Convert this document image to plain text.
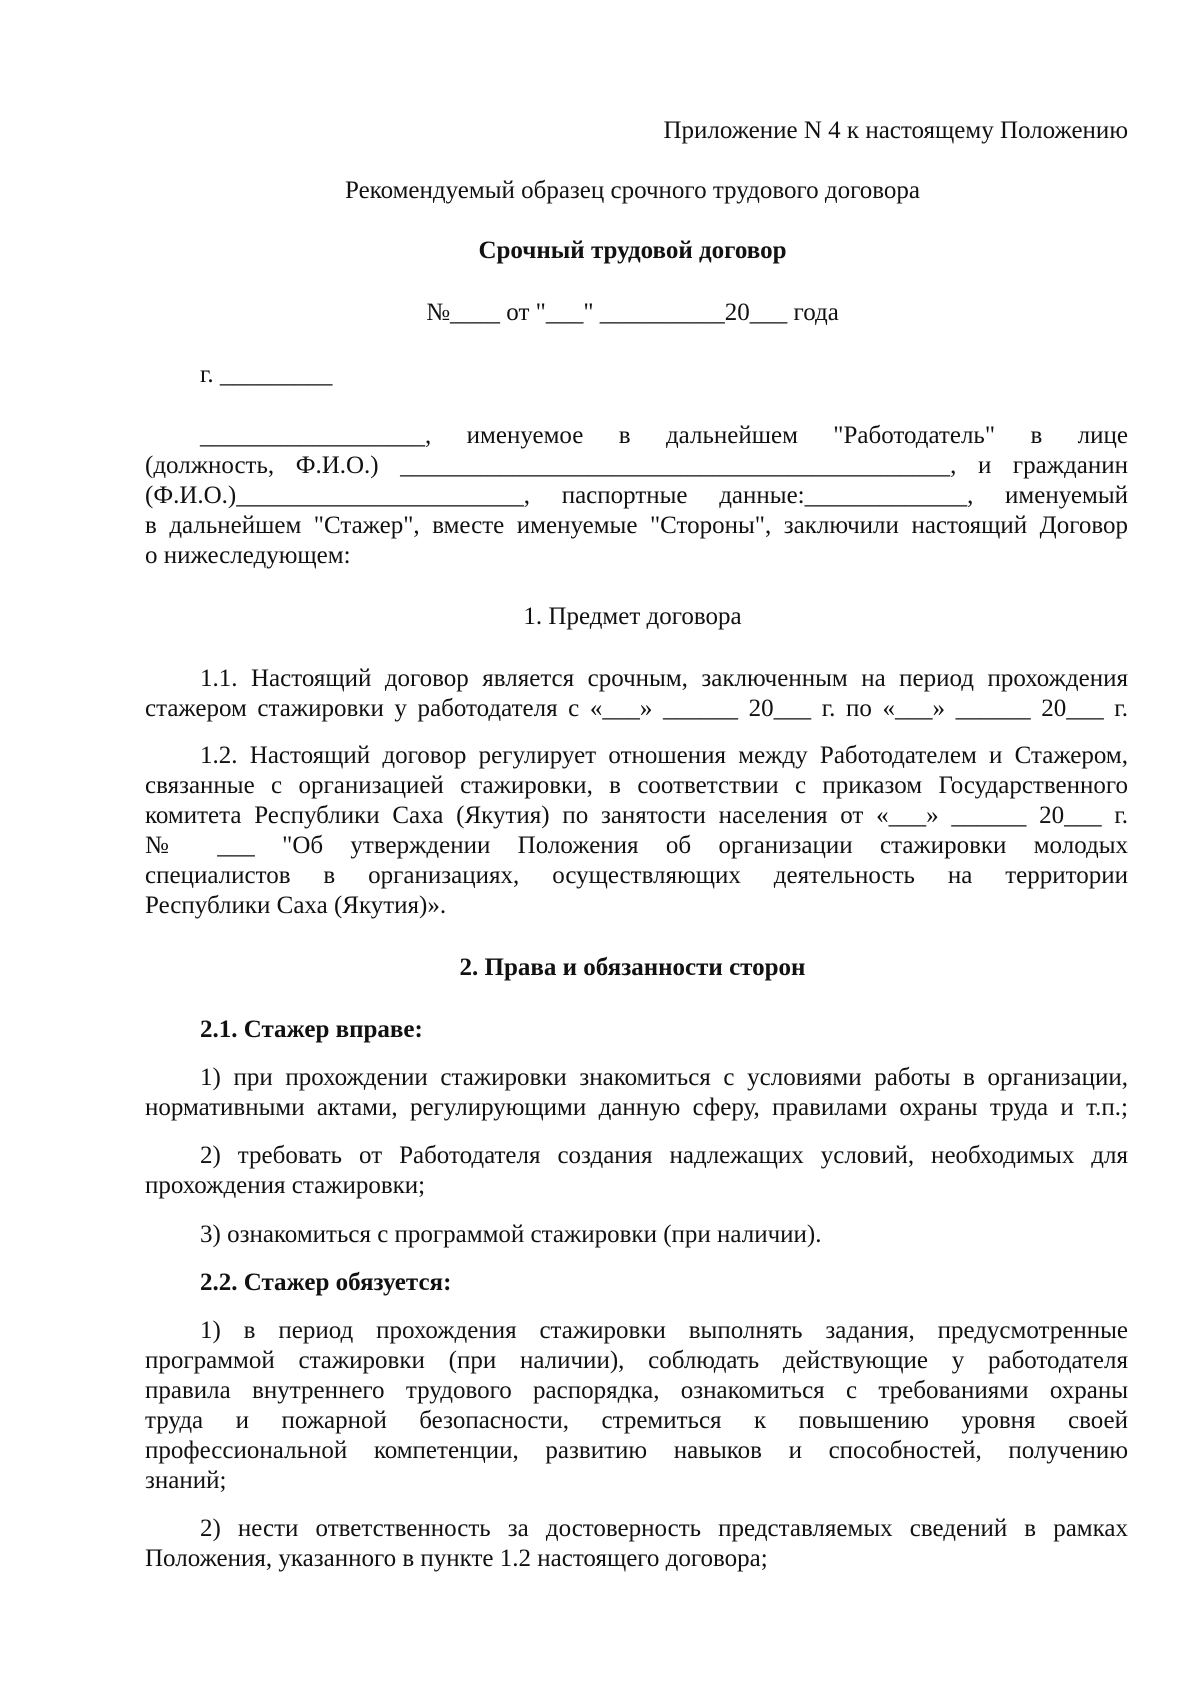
Приложение N 4 к настоящему Положению
Рекомендуемый образец срочного трудового договора
Срочный трудовой договор
№____ от "___" __________20___ года
г. _________
__________________, именуемое в дальнейшем "Работодатель" в лице
(должность, Ф.И.О.) ____________________________________________, и гражданин
(Ф.И.О.)_______________________, паспортные данные:_____________, именуемый
в дальнейшем "Стажер", вместе именуемые "Стороны", заключили настоящий Договор
о нижеследующем:
1. Предмет договора
1.1. Настоящий договор является срочным, заключенным на период прохождения
стажером стажировки у работодателя с «___» ______ 20___ г. по «___» ______ 20___ г.
1.2. Настоящий договор регулирует отношения между Работодателем и Стажером,
связанные с организацией стажировки, в соответствии с приказом Государственного
комитета Республики Саха (Якутия) по занятости населения от «___» ______ 20___ г.
№ ___ "Об утверждении Положения об организации стажировки молодых
специалистов в организациях, осуществляющих деятельность на территории
Республики Саха (Якутия)».
2. Права и обязанности сторон
2.1. Стажер вправе:
1) при прохождении стажировки знакомиться с условиями работы в организации,
нормативными актами, регулирующими данную сферу, правилами охраны труда и т.п.;
2) требовать от Работодателя создания надлежащих условий, необходимых для
прохождения стажировки;
3) ознакомиться с программой стажировки (при наличии).
2.2. Стажер обязуется:
1) в период прохождения стажировки выполнять задания, предусмотренные
программой стажировки (при наличии), соблюдать действующие у работодателя
правила внутреннего трудового распорядка, ознакомиться с требованиями охраны
труда и пожарной безопасности, стремиться к повышению уровня своей
профессиональной компетенции, развитию навыков и способностей, получению
знаний;
2) нести ответственность за достоверность представляемых сведений в рамках
Положения, указанного в пункте 1.2 настоящего договора;
